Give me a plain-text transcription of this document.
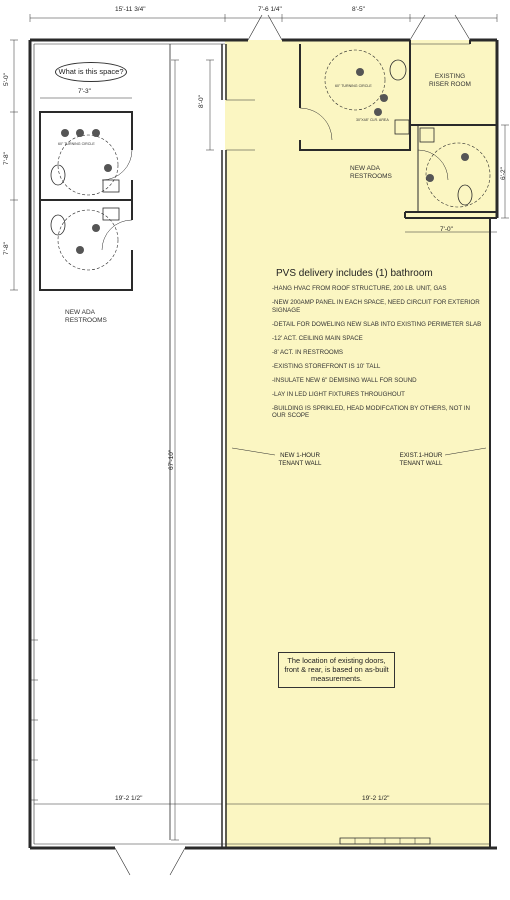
15'-11 3/4"	7'-6 1/4"	8'-5"
7'-3"
5'-0"
7'-8"
7'-8"
8'-0"
6'-2"
7'-0"
67'-10"
19'-2 1/2"	19'-2 1/2"
What is this space?
EXISTING RISER ROOM
NEW ADA RESTROOMS
NEW ADA RESTROOMS
60" TURNING CIRCLE
60" TURNING CIRCLE
30"X48" CLR. AREA
PVS delivery includes (1) bathroom
-HANG HVAC FROM ROOF STRUCTURE, 200 LB. UNIT, GAS
-NEW 200AMP PANEL IN EACH SPACE, NEED CIRCUIT FOR EXTERIOR SIGNAGE
-DETAIL FOR DOWELING NEW SLAB INTO EXISTING PERIMETER SLAB
-12' ACT. CEILING MAIN SPACE
-8' ACT. IN RESTROOMS
-EXISTING STOREFRONT IS 10' TALL
-INSULATE NEW 6" DEMISING WALL FOR SOUND
-LAY IN LED LIGHT FIXTURES THROUGHOUT
-BUILDING IS SPRIKLED, HEAD MODIFCATION BY OTHERS, NOT IN OUR SCOPE
NEW 1-HOUR TENANT WALL
EXIST.1-HOUR TENANT WALL
The location of existing doors, front & rear, is based on as-built measurements.
